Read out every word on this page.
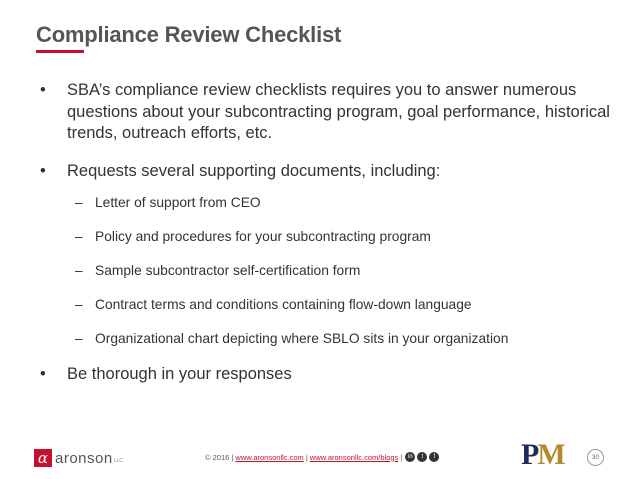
Compliance Review Checklist
• SBA’s compliance review checklists requires you to answer numerous questions about your subcontracting program, goal performance, historical trends, outreach efforts, etc.
• Requests several supporting documents, including:
– Letter of support from CEO
– Policy and procedures for your subcontracting program
– Sample subcontractor self-certification form
– Contract terms and conditions containing flow-down language
– Organizational chart depicting where SBLO sits in your organization
• Be thorough in your responses
α aronson LLC	© 2016 |
www.aronsonllc.com
|
www.aronsonllc.com/blogs
| in	t	f	PM	30
